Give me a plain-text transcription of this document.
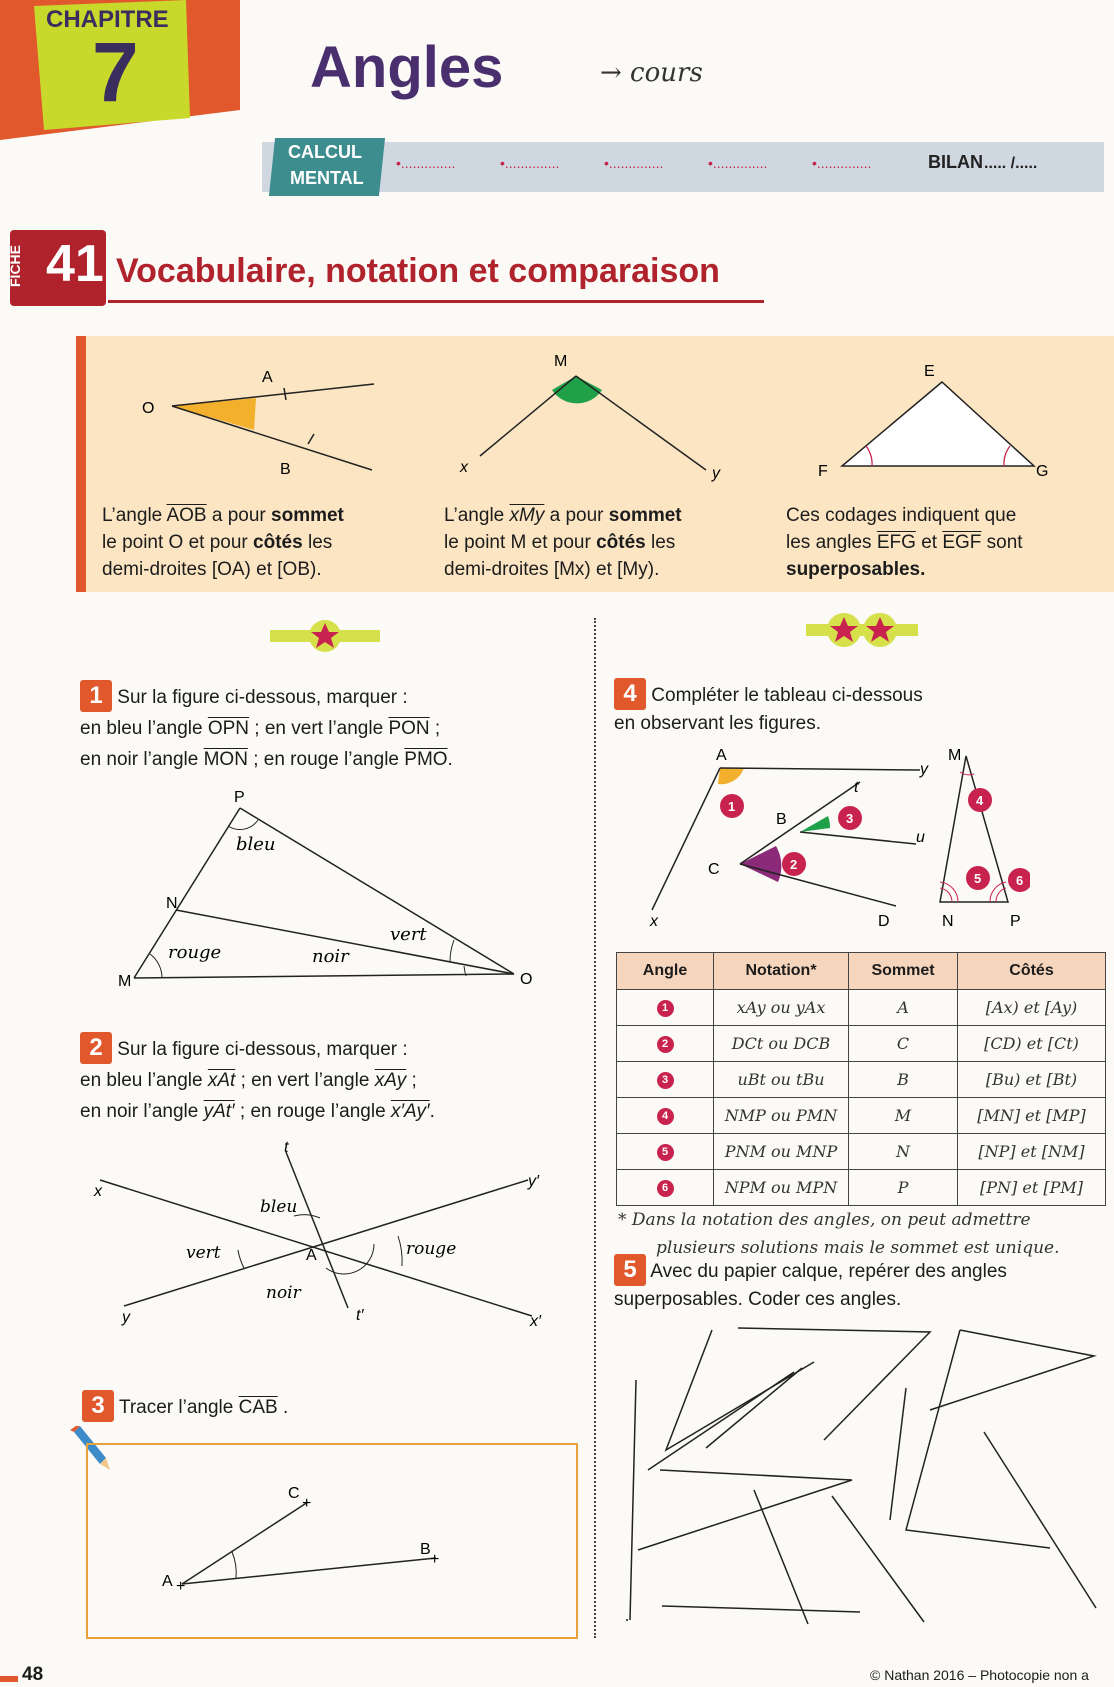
CHAPITRE
7	Angles	→ cours
CALCUL
MENTAL
•..............	•..............	•..............	•..............	•..............	BILAN ..... /.....
FICHE 41 Vocabulaire, notation et comparaison
O
A
B
M
x	y
E
F	G
L’angle $\overline{AOB}$ a pour sommet
le point O et pour côtés les
demi-droites [OA) et [OB).
L’angle $\overline{xMy}$ a pour sommet
le point M et pour côtés les
demi-droites [Mx) et [My).
Ces codages indiquent que
les angles $\overline{EFG}$ et $\overline{EGF}$ sont
superposables.
1 Sur la figure ci-dessous, marquer :
en bleu l’angle $\overline{OPN}$ ; en vert l’angle $\overline{PON}$ ;
en noir l’angle $\overline{MON}$ ; en rouge l’angle $\overline{PMO}$.
P
N
M	O
bleu
rouge	noir
vert
2 Sur la figure ci-dessous, marquer :
en bleu l’angle $\overline{xAt}$ ; en vert l’angle $\overline{xAy}$ ;
en noir l’angle yAt′ ; en rouge l’angle x′Ay′.
x
t
y′
A
y	t′	x′
bleu
vert
noir
rouge
3 Tracer l’angle $\overline{CAB}$ .
A
C
B
+
+
+
4 Compléter le tableau ci-dessous
en observant les figures.
A
y
t
B
u
C
x	D
M
N	P
1
3
2
4
5	6
Angle	Notation*	Sommet	Côtés
1	xAy ou yAx	A	[Ax) et [Ay)
2	DCt ou DCB	C	[CD) et [Ct)
3	uBt ou tBu	B	[Bu) et [Bt)
4	NMP ou PMN	M	[MN] et [MP]
5	PNM ou MNP	N	[NP] et [NM]
6	NPM ou MPN	P	[PN] et [PM]
* Dans la notation des angles, on peut admettre
plusieurs solutions mais le sommet est unique.
5 Avec du papier calque, repérer des angles
superposables. Coder ces angles.
48	© Nathan 2016 – Photocopie non a
